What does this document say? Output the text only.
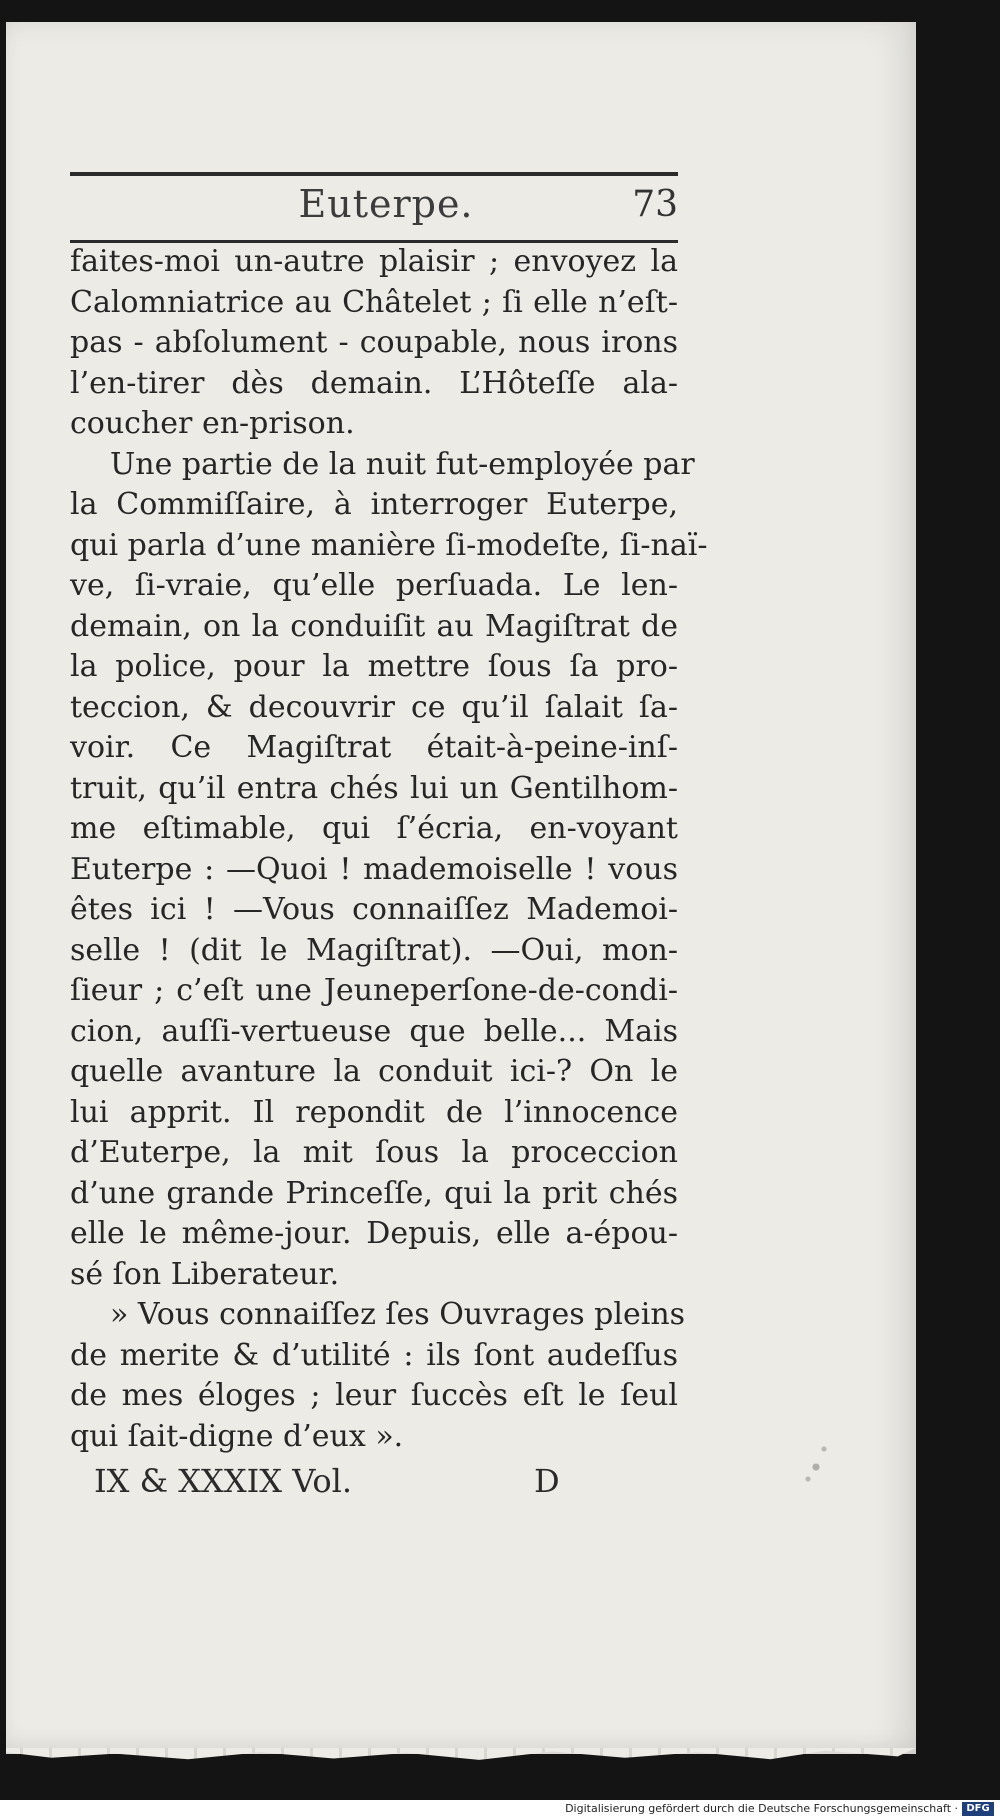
Euterpe.	73
faites-moi un-autre plaisir ; envoyez la
Calomniatrice au Châtelet ; ſi elle n’eſt-
pas - abſolument - coupable, nous irons
l’en-tirer dès demain. L’Hôteſſe ala-
coucher en-prison.
Une partie de la nuit fut-employée par
la Commiſſaire, à interroger Euterpe,
qui parla d’une manière ſi-modeſte, ſi-naï-
ve, ſi-vraie, qu’elle perſuada. Le len-
demain, on la conduiſit au Magiſtrat de
la police, pour la mettre ſous ſa pro-
teccion, & decouvrir ce qu’il ſalait ſa-
voir. Ce Magiſtrat était-à-peine-inſ-
truit, qu’il entra chés lui un Gentilhom-
me eſtimable, qui ſ’écria, en-voyant
Euterpe : —Quoi ! mademoiselle ! vous
êtes ici ! —Vous connaiſſez Mademoi-
selle ! (dit le Magiſtrat). —Oui, mon-
ſieur ; c’eſt une Jeuneperſone-de-condi-
cion, auſſi-vertueuse que belle... Mais
quelle avanture la conduit ici-? On le
lui apprit. Il repondit de l’innocence
d’Euterpe, la mit ſous la proceccion
d’une grande Princeſſe, qui la prit chés
elle le même-jour. Depuis, elle a-épou-
sé ſon Liberateur.
» Vous connaiſſez ſes Ouvrages pleins
de merite & d’utilité : ils ſont audeſſus
de mes éloges ; leur ſuccès eſt le ſeul
qui ſait-digne d’eux ».
IX & XXXIX Vol.	D
Digitalisierung gefördert durch die Deutsche Forschungsgemeinschaft · DFG
